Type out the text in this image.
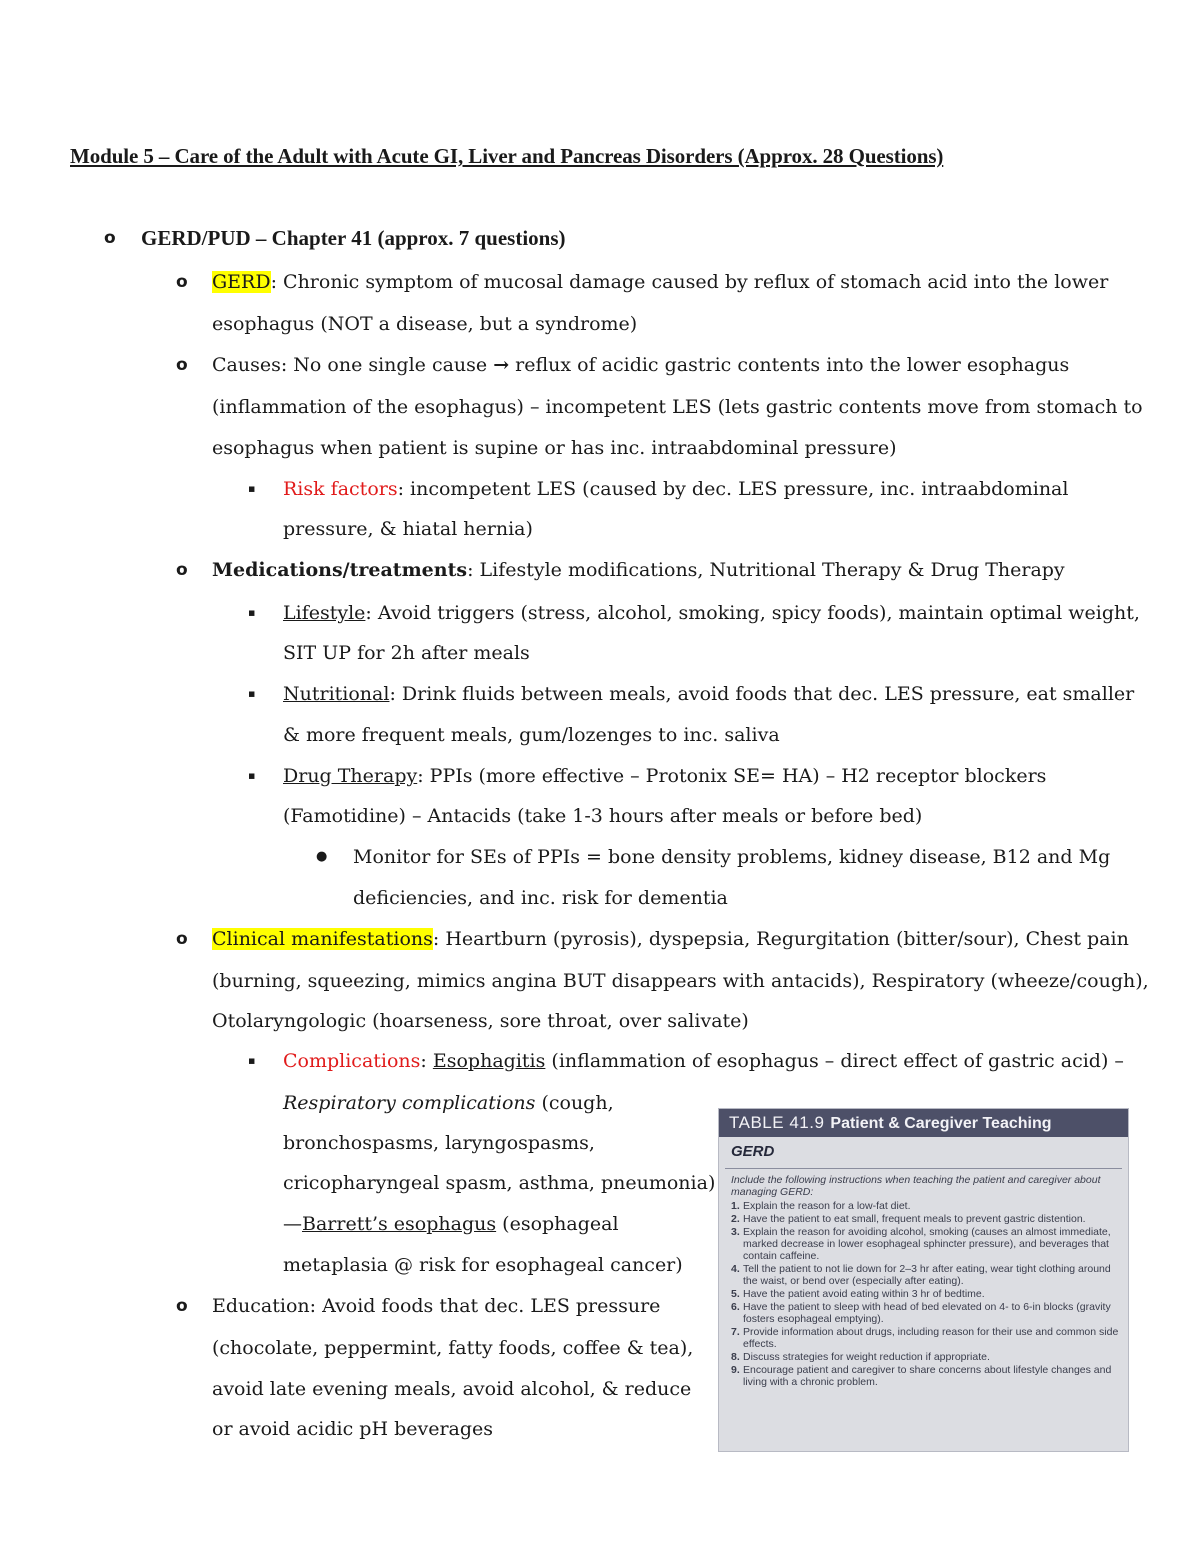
Module 5 – Care of the Adult with Acute GI, Liver and Pancreas Disorders (Approx. 28 Questions)
o GERD/PUD – Chapter 41 (approx. 7 questions)
o GERD: Chronic symptom of mucosal damage caused by reflux of stomach acid into the lower
esophagus (NOT a disease, but a syndrome)
o Causes: No one single cause → reflux of acidic gastric contents into the lower esophagus
(inflammation of the esophagus) – incompetent LES (lets gastric contents move from stomach to
esophagus when patient is supine or has inc. intraabdominal pressure)
▪ Risk factors: incompetent LES (caused by dec. LES pressure, inc. intraabdominal
pressure, & hiatal hernia)
o Medications/treatments: Lifestyle modifications, Nutritional Therapy & Drug Therapy
▪ Lifestyle: Avoid triggers (stress, alcohol, smoking, spicy foods), maintain optimal weight,
SIT UP for 2h after meals
▪ Nutritional: Drink fluids between meals, avoid foods that dec. LES pressure, eat smaller
& more frequent meals, gum/lozenges to inc. saliva
▪ Drug Therapy: PPIs (more effective – Protonix SE= HA) – H2 receptor blockers
(Famotidine) – Antacids (take 1-3 hours after meals or before bed)
● Monitor for SEs of PPIs = bone density problems, kidney disease, B12 and Mg
deficiencies, and inc. risk for dementia
o Clinical manifestations: Heartburn (pyrosis), dyspepsia, Regurgitation (bitter/sour), Chest pain
(burning, squeezing, mimics angina BUT disappears with antacids), Respiratory (wheeze/cough),
Otolaryngologic (hoarseness, sore throat, over salivate)
▪ Complications: Esophagitis (inflammation of esophagus – direct effect of gastric acid) –
Respiratory complications (cough,
bronchospasms, laryngospasms,
cricopharyngeal spasm, asthma, pneumonia)
—Barrett’s esophagus (esophageal
metaplasia @ risk for esophageal cancer)
o Education: Avoid foods that dec. LES pressure
(chocolate, peppermint, fatty foods, coffee & tea),
avoid late evening meals, avoid alcohol, & reduce
or avoid acidic pH beverages
TABLE 41.9 Patient & Caregiver Teaching
GERD
Include the following instructions when teaching the patient and caregiver about managing GERD:
1. Explain the reason for a low-fat diet.
2. Have the patient to eat small, frequent meals to prevent gastric distention.
3. Explain the reason for avoiding alcohol, smoking (causes an almost immediate, marked decrease in lower esophageal sphincter pressure), and beverages that contain caffeine.
4. Tell the patient to not lie down for 2–3 hr after eating, wear tight clothing around the waist, or bend over (especially after eating).
5. Have the patient avoid eating within 3 hr of bedtime.
6. Have the patient to sleep with head of bed elevated on 4- to 6-in blocks (gravity fosters esophageal emptying).
7. Provide information about drugs, including reason for their use and common side effects.
8. Discuss strategies for weight reduction if appropriate.
9. Encourage patient and caregiver to share concerns about lifestyle changes and living with a chronic problem.
